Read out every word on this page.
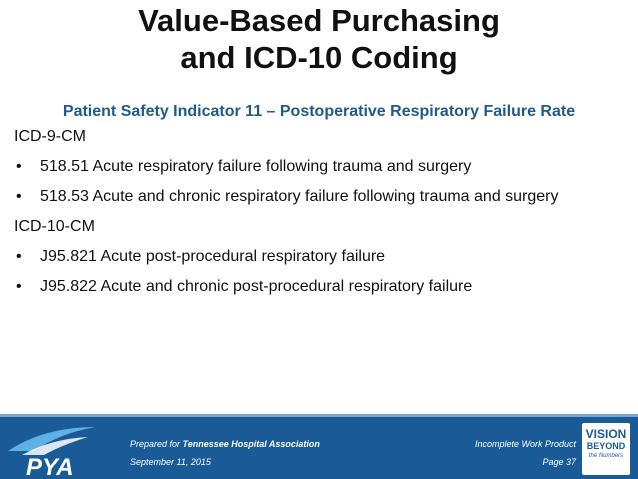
Value-Based Purchasing
and ICD-10 Coding
Patient Safety Indicator 11 – Postoperative Respiratory Failure Rate
ICD-9-CM
• 518.51 Acute respiratory failure following trauma and surgery
• 518.53 Acute and chronic respiratory failure following trauma and surgery
ICD-10-CM
• J95.821 Acute post-procedural respiratory failure
• J95.822 Acute and chronic post-procedural respiratory failure
PYA
Prepared for Tennessee Hospital Association
September 11, 2015
Incomplete Work Product
Page 37
VISION
BEYOND
the Numbers
